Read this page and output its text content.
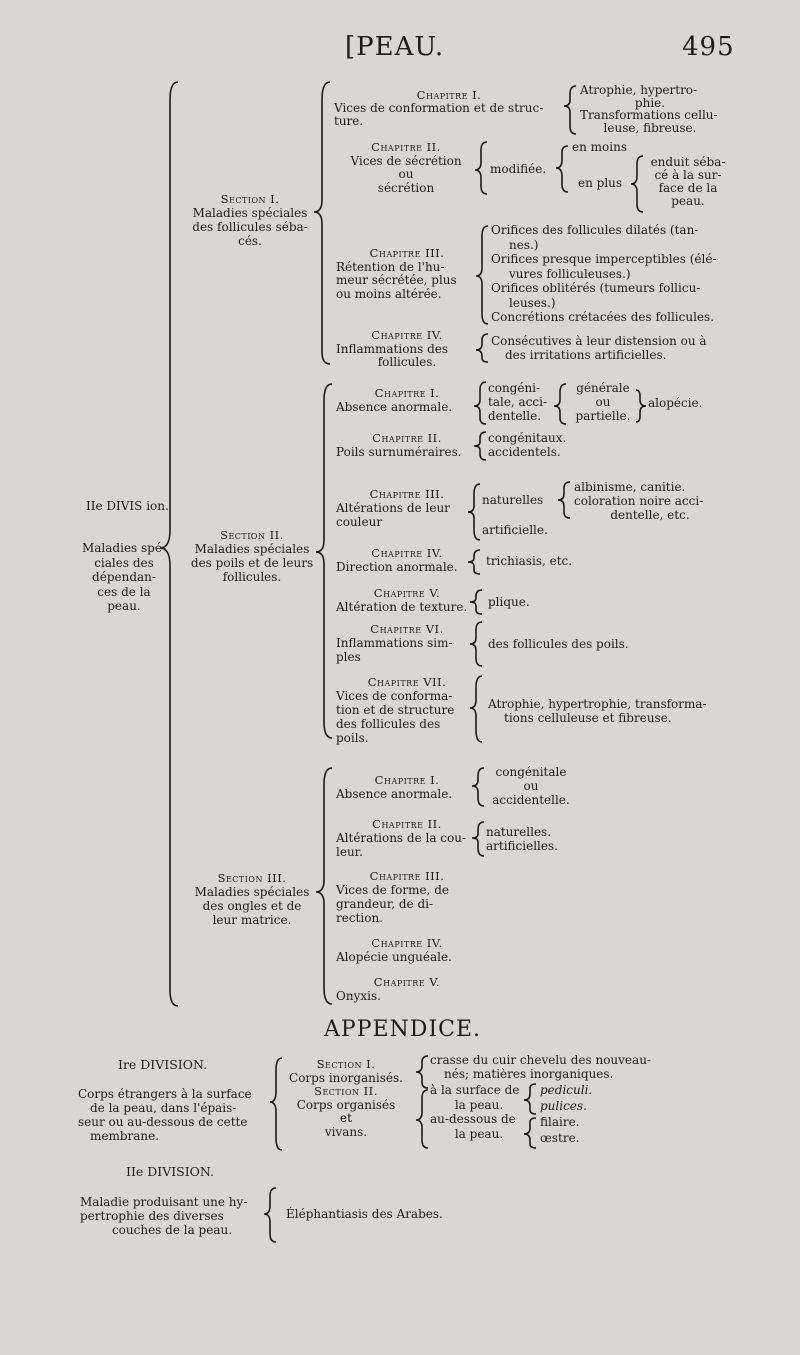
[PEAU.	495
IIe DIVIS ion.
Maladies spé-
ciales des
dépendan-
ces de la
peau.
Section I.
Maladies spéciales
des follicules séba-
cés.
Section II.
Maladies spéciales
des poils et de leurs
follicules.
Section III.
Maladies spéciales
des ongles et de
leur matrice.
Chapitre I.
Vices de conformation et de struc-
ture.
Chapitre II.
Vices de sécrétion
ou
sécrétion
Chapitre III.
Rétention de l'hu-
meur sécrétée, plus
ou moins altérée.
Chapitre IV.
Inflammations des
follicules.
Chapitre I.
Absence anormale.
Chapitre II.
Poils surnuméraires.
Chapitre III.
Altérations de leur
couleur
Chapitre IV.
Direction anormale.
Chapitre V.
Altération de texture.
Chapitre VI.
Inflammations sim-
ples
Chapitre VII.
Vices de conforma-
tion et de structure
des follicules des
poils.
Chapitre I.
Absence anormale.
Chapitre II.
Altérations de la cou-
leur.
Chapitre III.
Vices de forme, de
grandeur, de di-
rection.
Chapitre IV.
Alopécie unguéale.
Chapitre V.
Onyxis.
Atrophie, hypertro-
phie.
Transformations cellu-
leuse, fibreuse.
modifiée.
en moins
en plus
enduit séba-
cé à la sur-
face de la
peau.
Orifices des follicules dilatés (tan-
nes.)
Orifices presque imperceptibles (élé-
vures folliculeuses.)
Orifices oblitérés (tumeurs follicu-
leuses.)
Concrétions crétacées des follicules.
Consécutives à leur distension ou à
des irritations artificielles.
congéni-
tale, acci-
dentelle.
générale
ou
partielle.
alopécie.
congénitaux.
accidentels.
naturelles
artificielle.
albinisme, canitie.
coloration noire acci-
dentelle, etc.
trichiasis, etc.
plique.
des follicules des poils.
Atrophie, hypertrophie, transforma-
tions celluleuse et fibreuse.
congénitale
ou
accidentelle.
naturelles.
artificielles.
APPENDICE.
Ire DIVISION.
Corps étrangers à la surface
de la peau, dans l'épais-
seur ou au-dessous de cette
membrane.
Section I.
Corps inorganisés.
Section II.
Corps organisés
et
vivans.
crasse du cuir chevelu des nouveau-
nés; matières inorganiques.
à la surface de
la peau.
au-dessous de
la peau.
pediculi.
pulices.
filaire.
œstre.
IIe DIVISION.
Maladie produisant une hy-
pertrophie des diverses
couches de la peau.
Éléphantiasis des Arabes.
